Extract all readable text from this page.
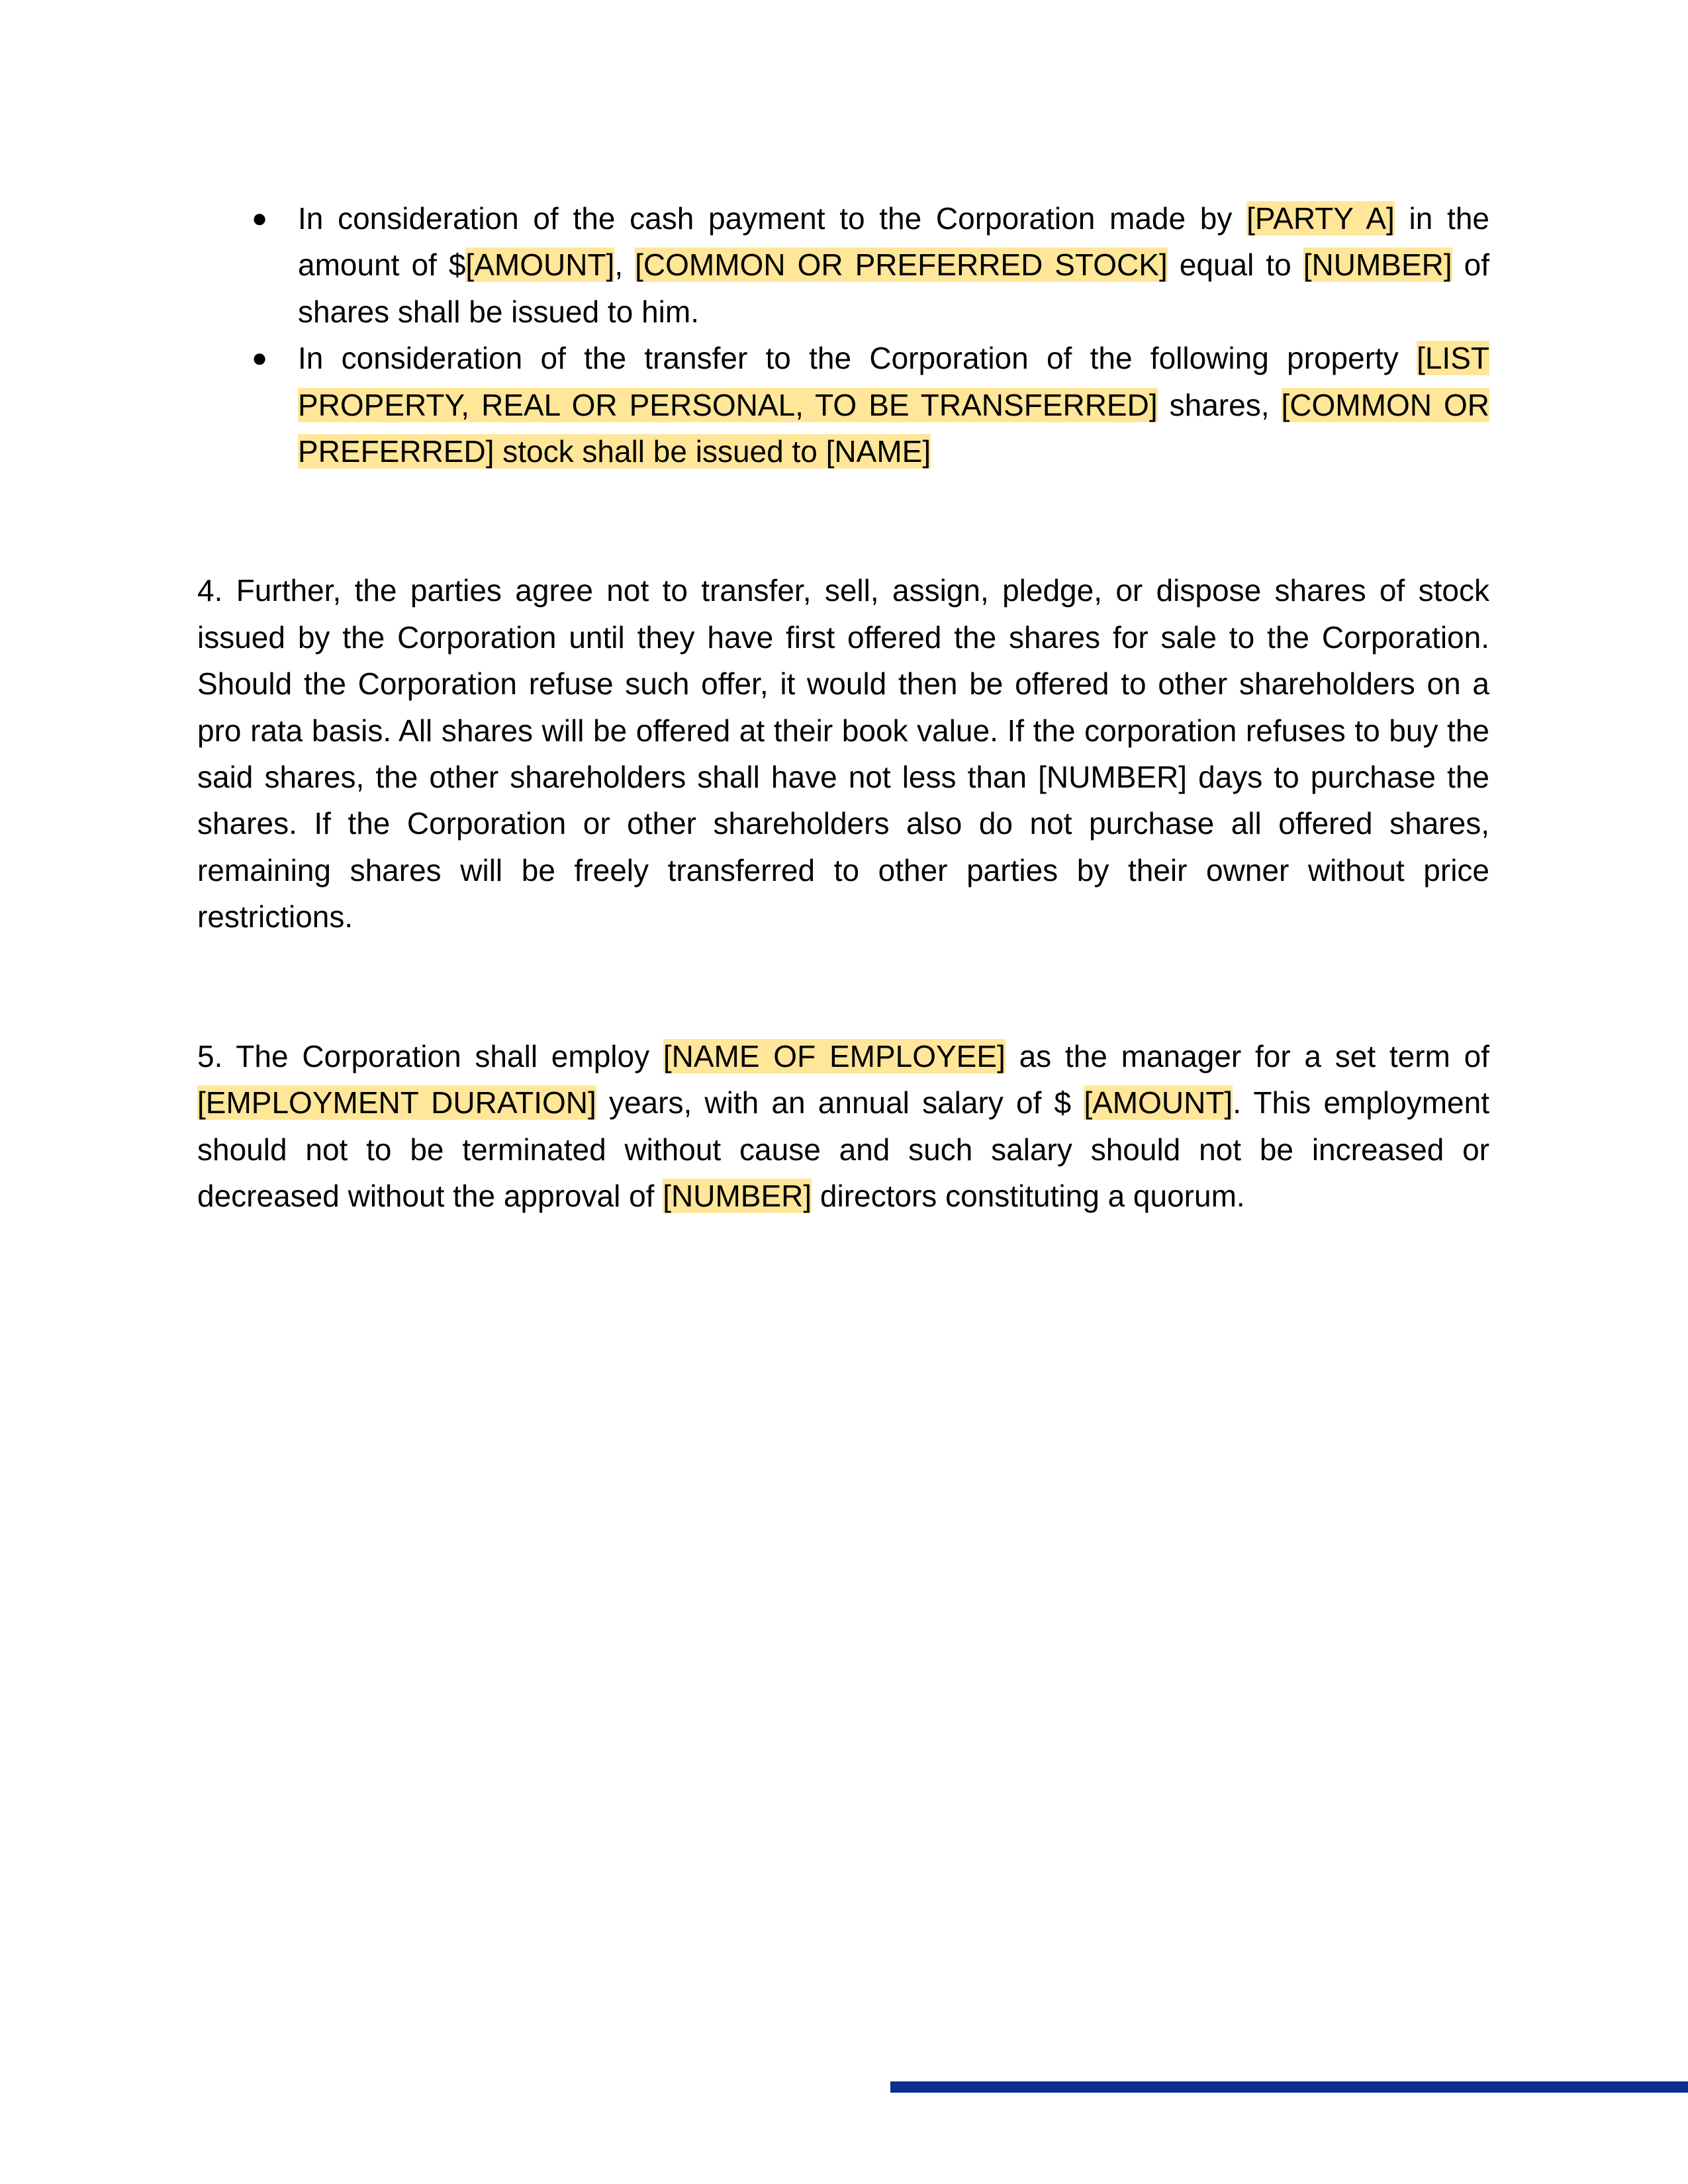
● In consideration of the cash payment to the Corporation made by [PARTY A] in the amount of $[AMOUNT], [COMMON OR PREFERRED STOCK] equal to [NUMBER] of shares shall be issued to him.
● In consideration of the transfer to the Corporation of the following property [LIST PROPERTY, REAL OR PERSONAL, TO BE TRANSFERRED] shares, [COMMON OR PREFERRED] stock shall be issued to [NAME]

4. Further, the parties agree not to transfer, sell, assign, pledge, or dispose shares of stock issued by the Corporation until they have first offered the shares for sale to the Corporation. Should the Corporation refuse such offer, it would then be offered to other shareholders on a pro rata basis. All shares will be offered at their book value. If the corporation refuses to buy the said shares, the other shareholders shall have not less than [NUMBER] days to purchase the shares. If the Corporation or other shareholders also do not purchase all offered shares, remaining shares will be freely transferred to other parties by their owner without price restrictions.

5. The Corporation shall employ [NAME OF EMPLOYEE] as the manager for a set term of [EMPLOYMENT DURATION] years, with an annual salary of $ [AMOUNT]. This employment should not to be terminated without cause and such salary should not be increased or decreased without the approval of [NUMBER] directors constituting a quorum.
